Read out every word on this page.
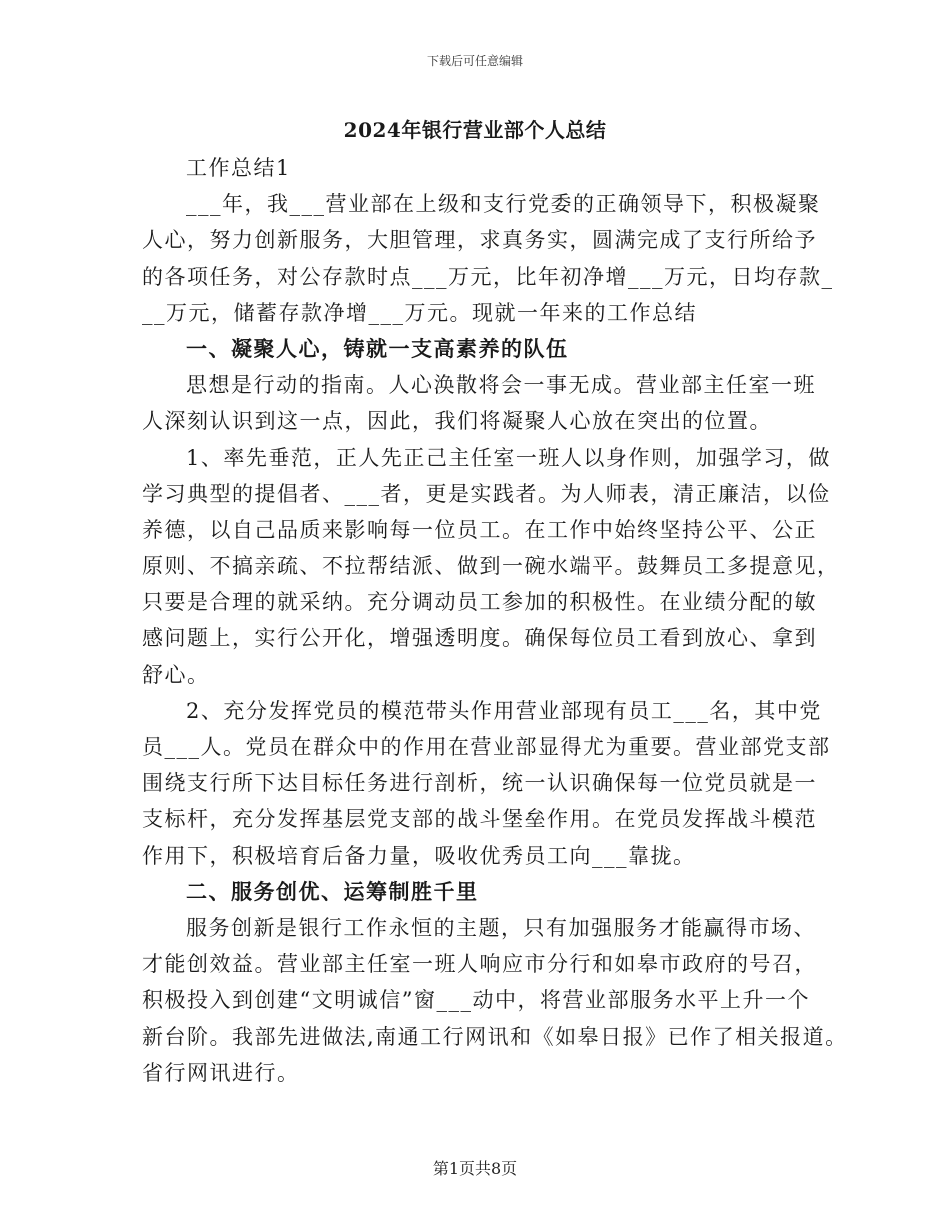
下载后可任意编辑
2024年银行营业部个人总结
工作总结1
___年，我___营业部在上级和支行党委的正确领导下，积极凝聚
人心，努力创新服务，大胆管理，求真务实，圆满完成了支行所给予
的各项任务，对公存款时点___万元，比年初净增___万元，日均存款_
__万元，储蓄存款净增___万元。现就一年来的工作总结
一、凝聚人心，铸就一支高素养的队伍
思想是行动的指南。人心涣散将会一事无成。营业部主任室一班
人深刻认识到这一点，因此，我们将凝聚人心放在突出的位置。
1、率先垂范，正人先正己主任室一班人以身作则，加强学习，做
学习典型的提倡者、___者，更是实践者。为人师表，清正廉洁，以俭
养德，以自己品质来影响每一位员工。在工作中始终坚持公平、公正
原则、不搞亲疏、不拉帮结派、做到一碗水端平。鼓舞员工多提意见，
只要是合理的就采纳。充分调动员工参加的积极性。在业绩分配的敏
感问题上，实行公开化，增强透明度。确保每位员工看到放心、拿到
舒心。
2、充分发挥党员的模范带头作用营业部现有员工___名，其中党
员___人。党员在群众中的作用在营业部显得尤为重要。营业部党支部
围绕支行所下达目标任务进行剖析，统一认识确保每一位党员就是一
支标杆，充分发挥基层党支部的战斗堡垒作用。在党员发挥战斗模范
作用下，积极培育后备力量，吸收优秀员工向___靠拢。
二、服务创优、运筹制胜千里
服务创新是银行工作永恒的主题，只有加强服务才能赢得市场、
才能创效益。营业部主任室一班人响应市分行和如皋市政府的号召，
积极投入到创建“文明诚信”窗___动中，将营业部服务水平上升一个
新台阶。我部先进做法,南通工行网讯和《如皋日报》已作了相关报道。
省行网讯进行。
第1页共8页
